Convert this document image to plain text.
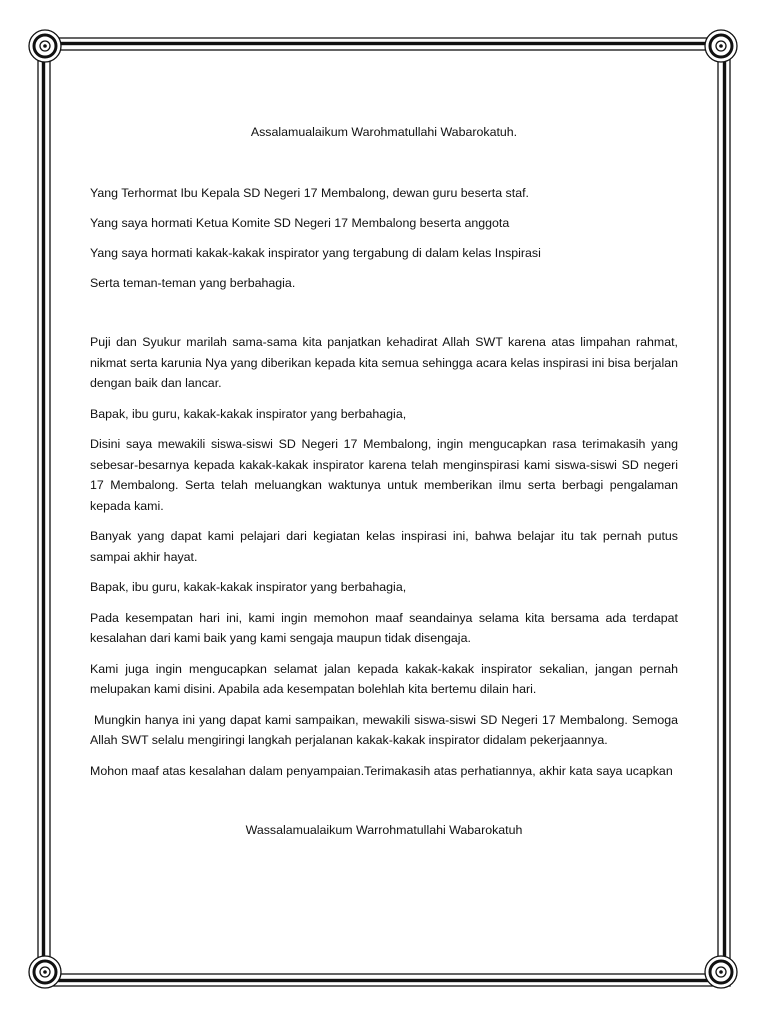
Assalamualaikum Warohmatullahi Wabarokatuh.

Yang Terhormat Ibu Kepala SD Negeri 17 Membalong, dewan guru beserta staf.

Yang saya hormati Ketua Komite SD Negeri 17 Membalong beserta anggota

Yang saya hormati kakak-kakak inspirator yang tergabung di dalam kelas Inspirasi

Serta teman-teman yang berbahagia.

Puji dan Syukur marilah sama-sama kita panjatkan kehadirat Allah SWT karena atas limpahan rahmat, nikmat serta karunia Nya yang diberikan kepada kita semua sehingga acara kelas inspirasi ini bisa berjalan dengan baik dan lancar.

Bapak, ibu guru, kakak-kakak inspirator yang berbahagia,

Disini saya mewakili siswa-siswi SD Negeri 17 Membalong, ingin mengucapkan rasa terimakasih yang sebesar-besarnya kepada kakak-kakak inspirator karena telah menginspirasi kami siswa-siswi SD negeri 17 Membalong. Serta telah meluangkan waktunya untuk memberikan ilmu serta berbagi pengalaman kepada kami.

Banyak yang dapat kami pelajari dari kegiatan kelas inspirasi ini, bahwa belajar itu tak pernah putus sampai akhir hayat.

Bapak, ibu guru, kakak-kakak inspirator yang berbahagia,

Pada kesempatan hari ini, kami ingin memohon maaf seandainya selama kita bersama ada terdapat kesalahan dari kami baik yang kami sengaja maupun tidak disengaja.

Kami juga ingin mengucapkan selamat jalan kepada kakak-kakak inspirator sekalian, jangan pernah melupakan kami disini. Apabila ada kesempatan bolehlah kita bertemu dilain hari.

Mungkin hanya ini yang dapat kami sampaikan, mewakili siswa-siswi SD Negeri 17 Membalong. Semoga Allah SWT selalu mengiringi langkah perjalanan kakak-kakak inspirator didalam pekerjaannya.

Mohon maaf atas kesalahan dalam penyampaian.Terimakasih atas perhatiannya, akhir kata saya ucapkan

Wassalamualaikum Warrohmatullahi Wabarokatuh
